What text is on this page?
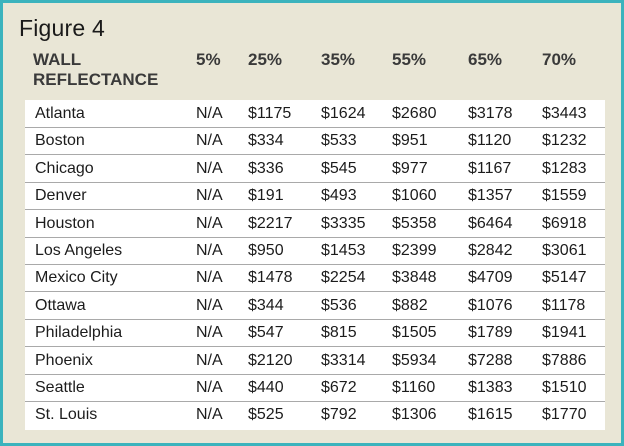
Figure 4
WALL
REFLECTANCE
5% 25% 35% 55% 65% 70%
Atlanta	N/A $1175 $1624 $2680 $3178 $3443
Boston	N/A $334 $533 $951	$1120 $1232
Chicago	N/A $336 $545 $977	$1167 $1283
Denver	N/A $191 $493 $1060 $1357 $1559
Houston	N/A $2217 $3335 $5358 $6464 $6918
Los Angeles	N/A $950 $1453 $2399 $2842 $3061
Mexico City	N/A $1478 $2254 $3848 $4709 $5147
Ottawa	N/A $344 $536 $882	$1076 $1178
Philadelphia	N/A $547 $815 $1505 $1789 $1941
Phoenix	N/A $2120 $3314 $5934 $7288 $7886
Seattle	N/A $440 $672 $1160 $1383 $1510
St. Louis	N/A $525 $792 $1306 $1615 $1770
